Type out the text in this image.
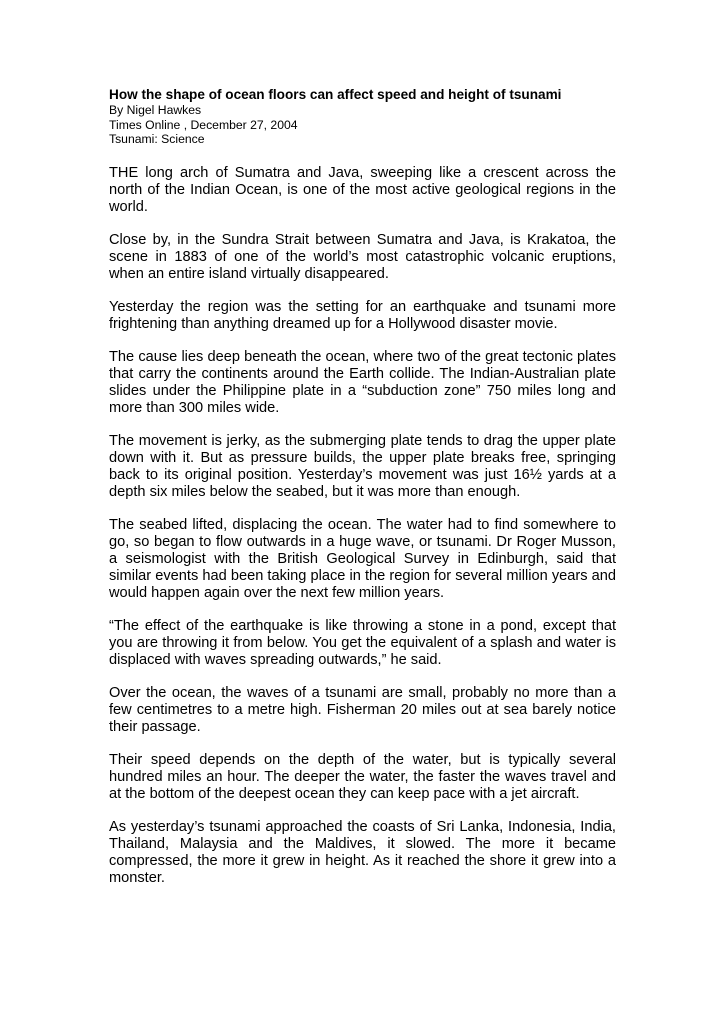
How the shape of ocean floors can affect speed and height of tsunami

By Nigel Hawkes

Times Online , December 27, 2004

Tsunami: Science

THE long arch of Sumatra and Java, sweeping like a crescent across the north of the Indian Ocean, is one of the most active geological regions in the world.

Close by, in the Sundra Strait between Sumatra and Java, is Krakatoa, the scene in 1883 of one of the world’s most catastrophic volcanic eruptions, when an entire island virtually disappeared.

Yesterday the region was the setting for an earthquake and tsunami more frightening than anything dreamed up for a Hollywood disaster movie.

The cause lies deep beneath the ocean, where two of the great tectonic plates that carry the continents around the Earth collide. The Indian-Australian plate slides under the Philippine plate in a “subduction zone” 750 miles long and more than 300 miles wide.

The movement is jerky, as the submerging plate tends to drag the upper plate down with it. But as pressure builds, the upper plate breaks free, springing back to its original position. Yesterday’s movement was just 16½ yards at a depth six miles below the seabed, but it was more than enough.

The seabed lifted, displacing the ocean. The water had to find somewhere to go, so began to flow outwards in a huge wave, or tsunami. Dr Roger Musson, a seismologist with the British Geological Survey in Edinburgh, said that similar events had been taking place in the region for several million years and would happen again over the next few million years.

“The effect of the earthquake is like throwing a stone in a pond, except that you are throwing it from below. You get the equivalent of a splash and water is displaced with waves spreading outwards,” he said.

Over the ocean, the waves of a tsunami are small, probably no more than a few centimetres to a metre high. Fisherman 20 miles out at sea barely notice their passage.

Their speed depends on the depth of the water, but is typically several hundred miles an hour. The deeper the water, the faster the waves travel and at the bottom of the deepest ocean they can keep pace with a jet aircraft.

As yesterday’s tsunami approached the coasts of Sri Lanka, Indonesia, India, Thailand, Malaysia and the Maldives, it slowed. The more it became compressed, the more it grew in height. As it reached the shore it grew into a monster.
